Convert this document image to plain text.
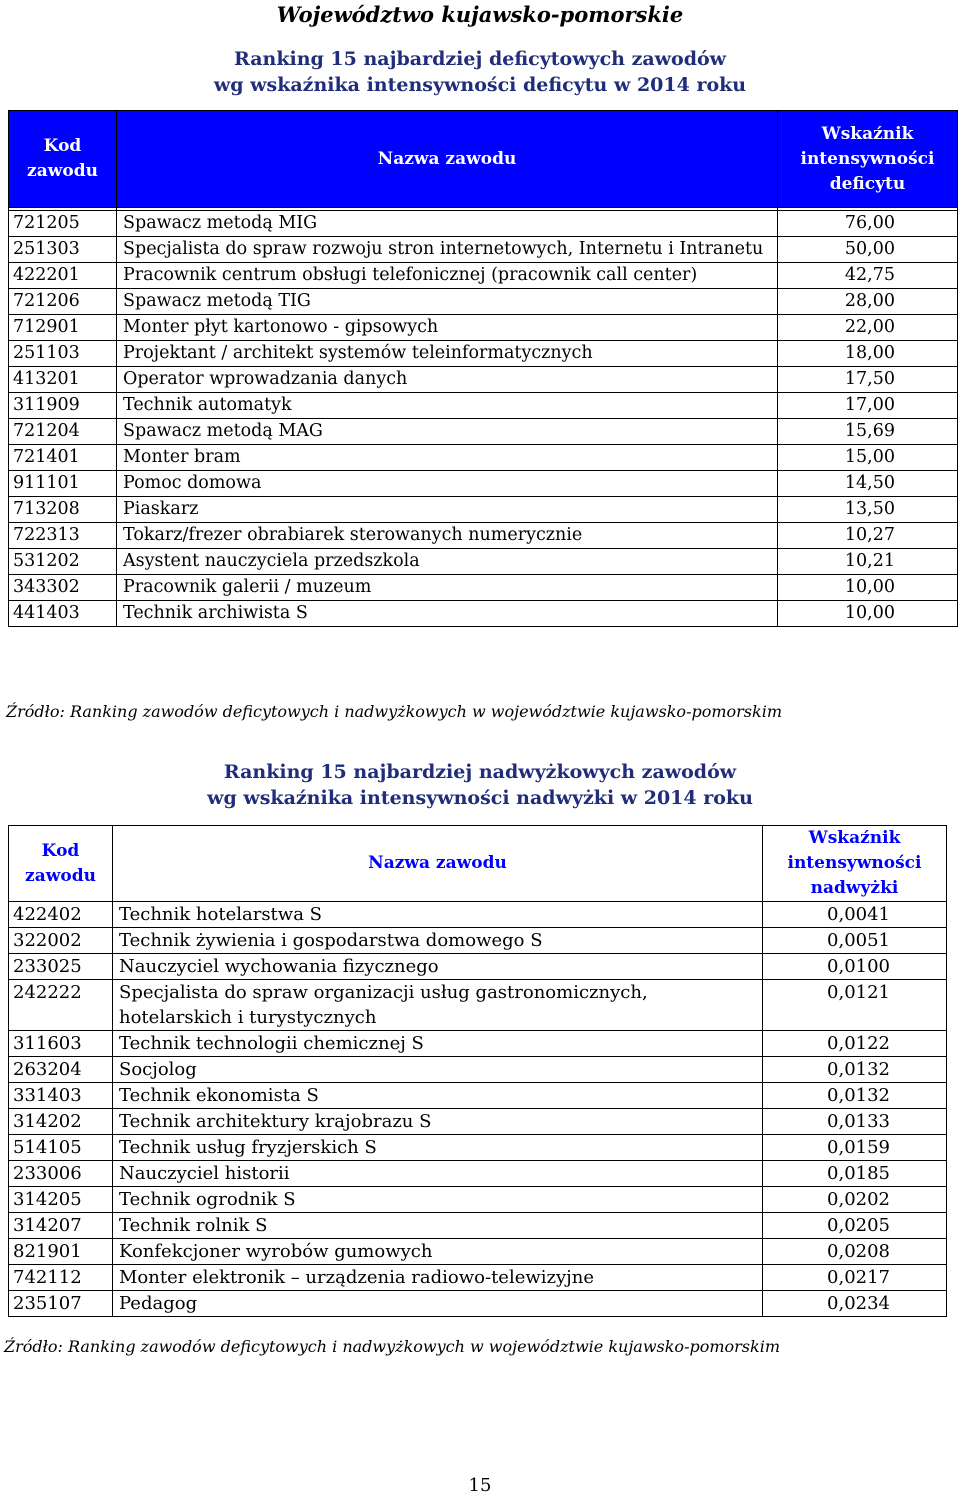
Województwo kujawsko-pomorskie
Ranking 15 najbardziej deficytowych zawodów
wg wskaźnika intensywności deficytu w 2014 roku
Kod zawodu	Nazwa zawodu	Wskaźnik intensywności deficytu

721205	Spawacz metodą MIG	76,00
251303	Specjalista do spraw rozwoju stron internetowych, Internetu i Intranetu	50,00
422201	Pracownik centrum obsługi telefonicznej (pracownik call center)	42,75
721206	Spawacz metodą TIG	28,00
712901	Monter płyt kartonowo - gipsowych	22,00
251103	Projektant / architekt systemów teleinformatycznych	18,00
413201	Operator wprowadzania danych	17,50
311909	Technik automatyk	17,00
721204	Spawacz metodą MAG	15,69
721401	Monter bram	15,00
911101	Pomoc domowa	14,50
713208	Piaskarz	13,50
722313	Tokarz/frezer obrabiarek sterowanych numerycznie	10,27
531202	Asystent nauczyciela przedszkola	10,21
343302	Pracownik galerii / muzeum	10,00
441403	Technik archiwista S	10,00
Źródło: Ranking zawodów deficytowych i nadwyżkowych w województwie kujawsko-pomorskim
Ranking 15 najbardziej nadwyżkowych zawodów
wg wskaźnika intensywności nadwyżki w 2014 roku
Kod zawodu	Nazwa zawodu	Wskaźnik intensywności nadwyżki
422402	Technik hotelarstwa S	0,0041
322002	Technik żywienia i gospodarstwa domowego S	0,0051
233025	Nauczyciel wychowania fizycznego	0,0100
242222	Specjalista do spraw organizacji usług gastronomicznych, hotelarskich i turystycznych	0,0121
311603	Technik technologii chemicznej S	0,0122
263204	Socjolog	0,0132
331403	Technik ekonomista S	0,0132
314202	Technik architektury krajobrazu S	0,0133
514105	Technik usług fryzjerskich S	0,0159
233006	Nauczyciel historii	0,0185
314205	Technik ogrodnik S	0,0202
314207	Technik rolnik S	0,0205
821901	Konfekcjoner wyrobów gumowych	0,0208
742112	Monter elektronik – urządzenia radiowo-telewizyjne	0,0217
235107	Pedagog	0,0234
Źródło: Ranking zawodów deficytowych i nadwyżkowych w województwie kujawsko-pomorskim
15
